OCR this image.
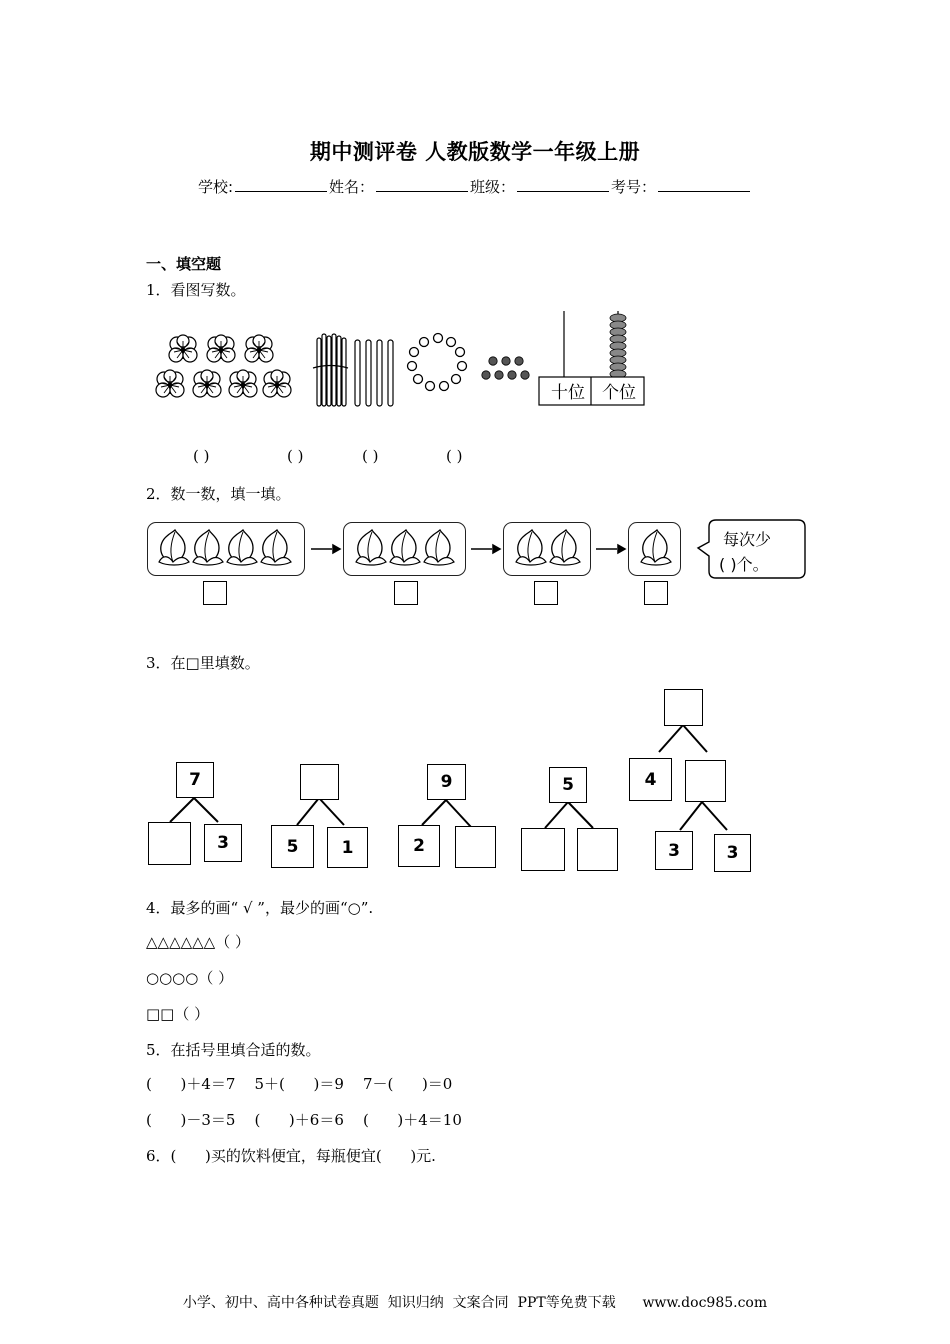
期中测评卷 人教版数学一年级上册
学校:	姓名：	班级：	考号：
一、填空题
1．看图写数。
十位	个位
( )	( )	( )	( )
2．数一数，填一填。
每次少
( )个。
3．在□里填数。
7
3	5	1
9
2
5	4
3	3
4．最多的画“ √ ”，最少的画“○”.
△△△△△△（ ）
○○○○（ ）
□□（ ）
5．在括号里填合适的数。
(      )＋4＝7    5＋(      )＝9    7－(      )＝0
(      )－3＝5    (      )＋6＝6    (      )＋4＝10
6．(      )买的饮料便宜，每瓶便宜(      )元.
小学、初中、高中各种试卷真题  知识归纳  文案合同  PPT等免费下载      www.doc985.com
